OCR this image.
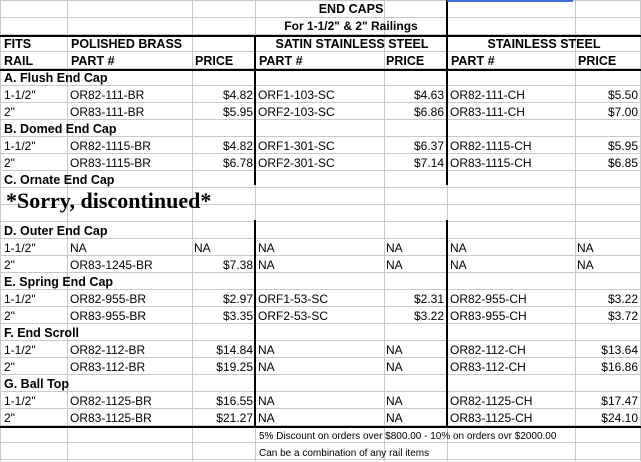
END CAPS
For 1-1/2" & 2" Railings
FITS	POLISHED BRASS	SATIN STAINLESS STEEL	STAINLESS STEEL
RAIL	PART #	PRICE	PART #	PRICE	PART #	PRICE
A. Flush End Cap
1-1/2"	OR82-111-BR	$4.82 ORF1-103-SC	$4.63 OR82-111-CH	$5.50
2"	OR83-111-BR	$5.95 ORF2-103-SC	$6.86 OR83-111-CH	$7.00
B. Domed End Cap
1-1/2"	OR82-1115-BR	$4.82 ORF1-301-SC	$6.37 OR82-1115-CH	$5.95
2"	OR83-1115-BR	$6.78 ORF2-301-SC	$7.14 OR83-1115-CH	$6.85
C. Ornate End Cap
*Sorry, discontinued*
D. Outer End Cap
1-1/2"	NA	NA	NA	NA	NA	NA
2"	OR83-1245-BR	$7.38 NA	NA	NA	NA
E. Spring End Cap
1-1/2"	OR82-955-BR	$2.97 ORF1-53-SC	$2.31 OR82-955-CH	$3.22
2"	OR83-955-BR	$3.35 ORF2-53-SC	$3.22 OR83-955-CH	$3.72
F. End Scroll
1-1/2"	OR82-112-BR	$14.84 NA	NA	OR82-112-CH	$13.64
2"	OR83-112-BR	$19.25 NA	NA	OR83-112-CH	$16.86
G. Ball Top
1-1/2"	OR82-1125-BR	$16.55 NA	NA	OR82-1125-CH	$17.47
2"	OR83-1125-BR	$21.27 NA	NA	OR83-1125-CH	$24.10
5% Discount on orders over $800.00 - 10% on orders ovr $2000.00
Can be a combination of any rail items
